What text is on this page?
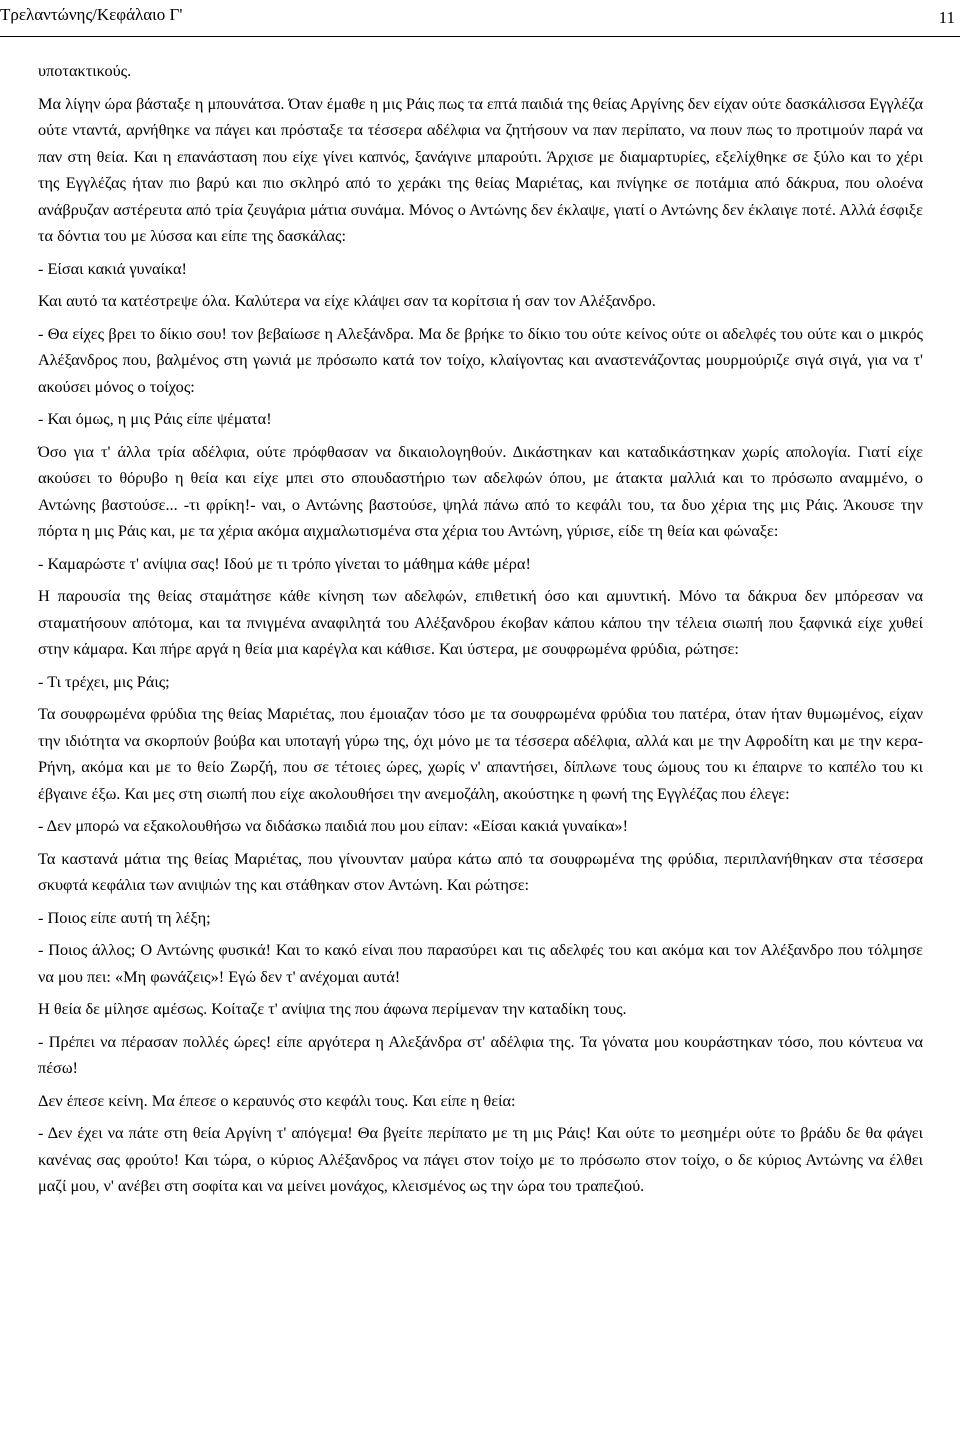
Τρελαντώνης/Κεφάλαιο Γ'	11

υποτακτικούς.

Μα λίγην ώρα βάσταξε η μπουνάτσα. Όταν έμαθε η μις Ράις πως τα επτά παιδιά της θείας Αργίνης δεν είχαν ούτε δασκάλισσα Εγγλέζα ούτε νταντά, αρνήθηκε να πάγει και πρόσταξε τα τέσσερα αδέλφια να ζητήσουν να παν περίπατο, να πουν πως το προτιμούν παρά να παν στη θεία. Και η επανάσταση που είχε γίνει καπνός, ξανάγινε μπαρούτι. Άρχισε με διαμαρτυρίες, εξελίχθηκε σε ξύλο και το χέρι της Εγγλέζας ήταν πιο βαρύ και πιο σκληρό από το χεράκι της θείας Μαριέτας, και πνίγηκε σε ποτάμια από δάκρυα, που ολοένα ανάβρυζαν αστέρευτα από τρία ζευγάρια μάτια συνάμα. Μόνος ο Αντώνης δεν έκλαψε, γιατί ο Αντώνης δεν έκλαιγε ποτέ. Αλλά έσφιξε τα δόντια του με λύσσα και είπε της δασκάλας:

- Είσαι κακιά γυναίκα!

Και αυτό τα κατέστρεψε όλα. Καλύτερα να είχε κλάψει σαν τα κορίτσια ή σαν τον Αλέξανδρο.

- Θα είχες βρει το δίκιο σου! τον βεβαίωσε η Αλεξάνδρα. Μα δε βρήκε το δίκιο του ούτε κείνος ούτε οι αδελφές του ούτε και ο μικρός Αλέξανδρος που, βαλμένος στη γωνιά με πρόσωπο κατά τον τοίχο, κλαίγοντας και αναστενάζοντας μουρμούριζε σιγά σιγά, για να τ' ακούσει μόνος ο τοίχος:

- Και όμως, η μις Ράις είπε ψέματα!

Όσο για τ' άλλα τρία αδέλφια, ούτε πρόφθασαν να δικαιολογηθούν. Δικάστηκαν και καταδικάστηκαν χωρίς απολογία. Γιατί είχε ακούσει το θόρυβο η θεία και είχε μπει στο σπουδαστήριο των αδελφών όπου, με άτακτα μαλλιά και το πρόσωπο αναμμένο, ο Αντώνης βαστούσε... -τι φρίκη!- ναι, ο Αντώνης βαστούσε, ψηλά πάνω από το κεφάλι του, τα δυο χέρια της μις Ράις. Άκουσε την πόρτα η μις Ράις και, με τα χέρια ακόμα αιχμαλωτισμένα στα χέρια του Αντώνη, γύρισε, είδε τη θεία και φώναξε:

- Καμαρώστε τ' ανίψια σας! Ιδού με τι τρόπο γίνεται το μάθημα κάθε μέρα!

Η παρουσία της θείας σταμάτησε κάθε κίνηση των αδελφών, επιθετική όσο και αμυντική. Μόνο τα δάκρυα δεν μπόρεσαν να σταματήσουν απότομα, και τα πνιγμένα αναφιλητά του Αλέξανδρου έκοβαν κάπου κάπου την τέλεια σιωπή που ξαφνικά είχε χυθεί στην κάμαρα. Και πήρε αργά η θεία μια καρέγλα και κάθισε. Και ύστερα, με σουφρωμένα φρύδια, ρώτησε:

- Τι τρέχει, μις Ράις;

Τα σουφρωμένα φρύδια της θείας Μαριέτας, που έμοιαζαν τόσο με τα σουφρωμένα φρύδια του πατέρα, όταν ήταν θυμωμένος, είχαν την ιδιότητα να σκορπούν βούβα και υποταγή γύρω της, όχι μόνο με τα τέσσερα αδέλφια, αλλά και με την Αφροδίτη και με την κερα-Ρήνη, ακόμα και με το θείο Ζωρζή, που σε τέτοιες ώρες, χωρίς ν' απαντήσει, δίπλωνε τους ώμους του κι έπαιρνε το καπέλο του κι έβγαινε έξω. Και μες στη σιωπή που είχε ακολουθήσει την ανεμοζάλη, ακούστηκε η φωνή της Εγγλέζας που έλεγε:

- Δεν μπορώ να εξακολουθήσω να διδάσκω παιδιά που μου είπαν: «Είσαι κακιά γυναίκα»!

Τα καστανά μάτια της θείας Μαριέτας, που γίνουνταν μαύρα κάτω από τα σουφρωμένα της φρύδια, περιπλανήθηκαν στα τέσσερα σκυφτά κεφάλια των ανιψιών της και στάθηκαν στον Αντώνη. Και ρώτησε:

- Ποιος είπε αυτή τη λέξη;

- Ποιος άλλος; Ο Αντώνης φυσικά! Και το κακό είναι που παρασύρει και τις αδελφές του και ακόμα και τον Αλέξανδρο που τόλμησε να μου πει: «Μη φωνάζεις»! Εγώ δεν τ' ανέχομαι αυτά!

Η θεία δε μίλησε αμέσως. Κοίταζε τ' ανίψια της που άφωνα περίμεναν την καταδίκη τους.

- Πρέπει να πέρασαν πολλές ώρες! είπε αργότερα η Αλεξάνδρα στ' αδέλφια της. Τα γόνατα μου κουράστηκαν τόσο, που κόντευα να πέσω!

Δεν έπεσε κείνη. Μα έπεσε ο κεραυνός στο κεφάλι τους. Και είπε η θεία:

- Δεν έχει να πάτε στη θεία Αργίνη τ' απόγεμα! Θα βγείτε περίπατο με τη μις Ράις! Και ούτε το μεσημέρι ούτε το βράδυ δε θα φάγει κανένας σας φρούτο! Και τώρα, ο κύριος Αλέξανδρος να πάγει στον τοίχο με το πρόσωπο στον τοίχο, ο δε κύριος Αντώνης να έλθει μαζί μου, ν' ανέβει στη σοφίτα και να μείνει μονάχος, κλεισμένος ως την ώρα του τραπεζιού.
